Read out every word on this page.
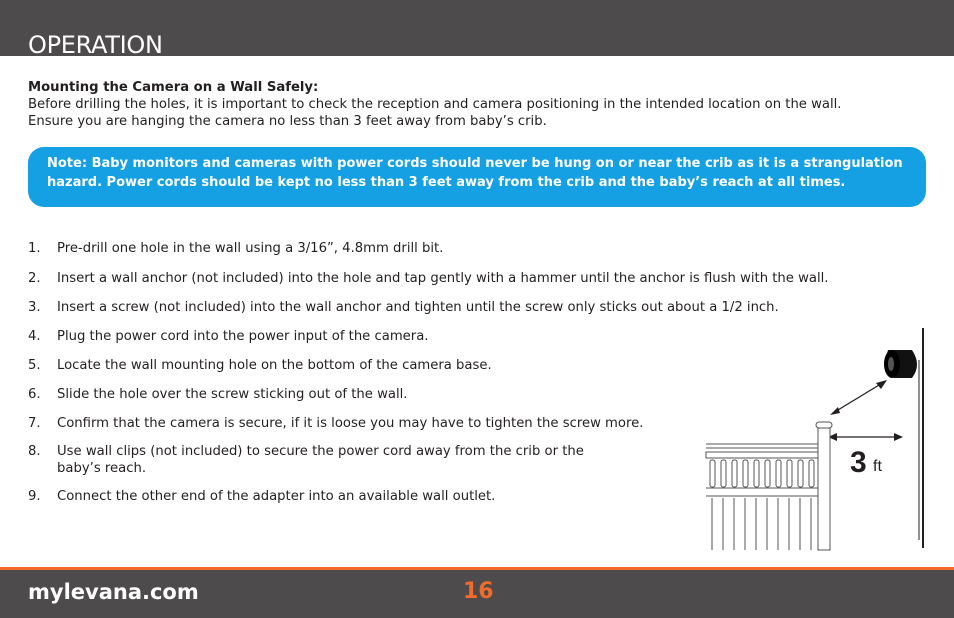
OPERATION
Mounting the Camera on a Wall Safely:

Before drilling the holes, it is important to check the reception and camera positioning in the intended location on the wall.

Ensure you are hanging the camera no less than 3 feet away from baby’s crib.

Note: Baby monitors and cameras with power cords should never be hung on or near the crib as it is a strangulation
hazard. Power cords should be kept no less than 3 feet away from the crib and the baby’s reach at all times.
1. Pre-drill one hole in the wall using a 3/16”, 4.8mm drill bit.
2. Insert a wall anchor (not included) into the hole and tap gently with a hammer until the anchor is flush with the wall.
3. Insert a screw (not included) into the wall anchor and tighten until the screw only sticks out about a 1/2 inch.
4. Plug the power cord into the power input of the camera.
5. Locate the wall mounting hole on the bottom of the camera base.
6. Slide the hole over the screw sticking out of the wall.
7. Confirm that the camera is secure, if it is loose you may have to tighten the screw more.
8. Use wall clips (not included) to secure the power cord away from the crib or the
baby’s reach.
9. Connect the other end of the adapter into an available wall outlet.
3 ft
mylevana.com	16
